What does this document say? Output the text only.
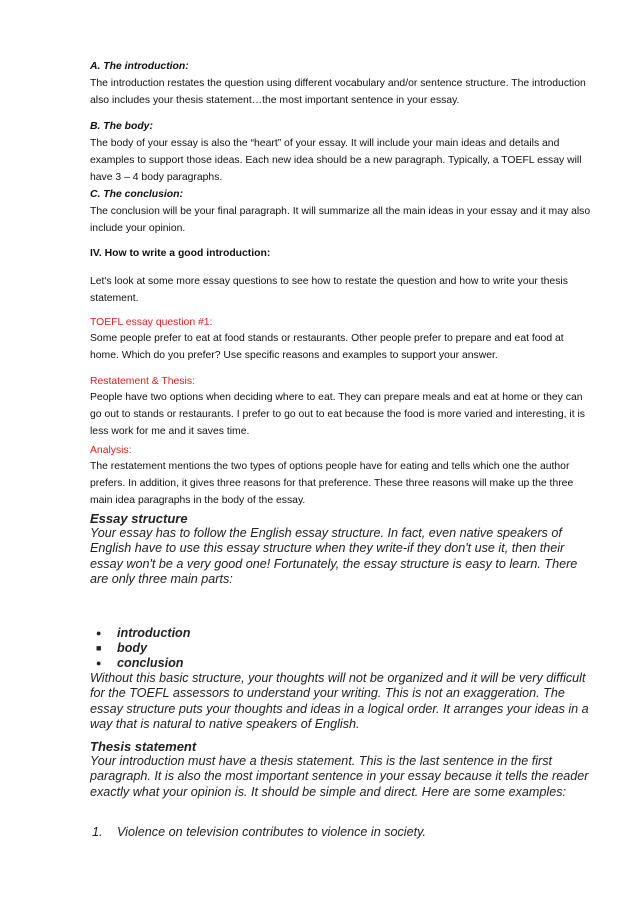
A. The introduction:
The introduction restates the question using different vocabulary and/or sentence structure. The introduction also includes your thesis statement…the most important sentence in your essay.
B. The body:
The body of your essay is also the “heart” of your essay. It will include your main ideas and details and examples to support those ideas. Each new idea should be a new paragraph. Typically, a TOEFL essay will have 3 – 4 body paragraphs.
C. The conclusion:
The conclusion will be your final paragraph. It will summarize all the main ideas in your essay and it may also include your opinion.
IV. How to write a good introduction:
Let's look at some more essay questions to see how to restate the question and how to write your thesis statement.
TOEFL essay question #1:
Some people prefer to eat at food stands or restaurants. Other people prefer to prepare and eat food at home. Which do you prefer? Use specific reasons and examples to support your answer.
Restatement & Thesis:
People have two options when deciding where to eat. They can prepare meals and eat at home or they can go out to stands or restaurants. I prefer to go out to eat because the food is more varied and interesting, it is less work for me and it saves time.
Analysis:
The restatement mentions the two types of options people have for eating and tells which one the author prefers. In addition, it gives three reasons for that preference. These three reasons will make up the three main idea paragraphs in the body of the essay.
Essay structure
Your essay has to follow the English essay structure. In fact, even native speakers of English have to use this essay structure when they write-if they don't use it, then their essay won't be a very good one! Fortunately, the essay structure is easy to learn. There are only three main parts:
●	introduction
■	body
●	conclusion
Without this basic structure, your thoughts will not be organized and it will be very difficult for the TOEFL assessors to understand your writing. This is not an exaggeration. The essay structure puts your thoughts and ideas in a logical order. It arranges your ideas in a way that is natural to native speakers of English.
Thesis statement
Your introduction must have a thesis statement. This is the last sentence in the first paragraph. It is also the most important sentence in your essay because it tells the reader exactly what your opinion is. It should be simple and direct. Here are some examples:
1. Violence on television contributes to violence in society.
